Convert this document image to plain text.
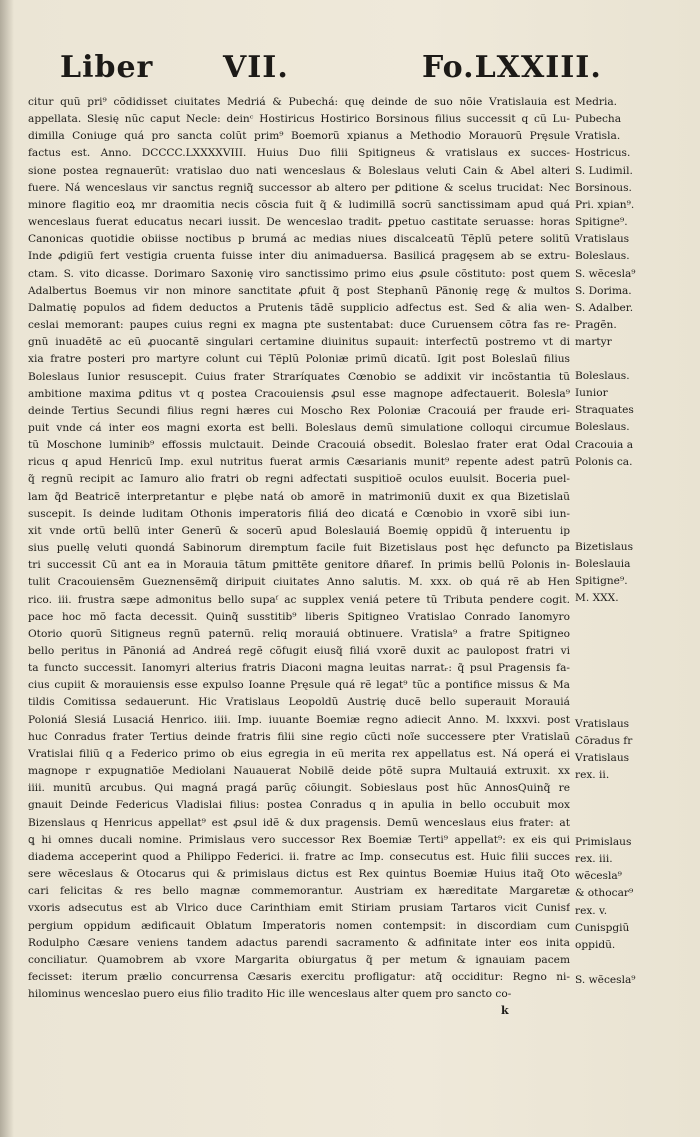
Liber VII.	Fo.LXXIII.
citur quũ pri⁹ cõdidisset ciuitates Medriá & Pubechá: quę deinde de suo nõie Vratislauia est
appellata. Slesię nũc caput Necle: deinᶜ Hostiricus Hostirico Borsinous filius successit q cũ Lu-
dimilla Coniuge quá pro sancta colũt prim⁹ Boemorũ xpianus a Methodio Morauorũ Pręsule
factus est. Anno. DCCCC.LXXXXVIII. Huius Duo filii Spitigneus & vratislaus ex succes-
sione postea regnauerũt: vratislao duo nati wenceslaus & Boleslaus veluti Cain & Abel alteri
fuere. Ná wenceslaus vir sanctus regniq̃ successor ab altero per ꝑditione & scelus trucidat: Nec
minore flagitio eoꝝ mr draomitia necis cõscia fuit q̃ & ludimillã socrũ sanctissimam apud quá
wenceslaus fuerat educatus necari iussit. De wenceslao traditᵣ ꝑpetuo castitate seruasse: horas
Canonicas quotidie obiisse noctibus p brumá ac medias niues discalceatũ Tẽplũ petere solitũ
Inde ꝓdigiũ fert vestigia cruenta fuisse inter diu animaduersa. Basilicá pragęsem ab se extru-
ctam. S. vito dicasse. Dorimaro Saxonię viro sanctissimo primo eius ꝓsule cõstituto: post quem
Adalbertus Boemus vir non minore sanctitate ꝓfuit q̃ post Stephanũ Pãnonię regę & multos
Dalmatię populos ad fidem deductos a Prutenis tãdẽ supplicio adfectus est. Sed & alia wen-
ceslai memorant: paupes cuius regni ex magna pte sustentabat: duce Curuensem cõtra fas re-
gnũ inuadẽtẽ ac eũ ꝓuocantẽ singulari certamine diuinitus supauit: interfectũ postremo vt di
xia fratre posteri pro martyre colunt cui Tẽplũ Poloniæ primũ dicatũ. Igit post Boleslaũ filius
Boleslaus Iunior resuscepit. Cuius frater Straríquates Cœnobio se addixit vir incõstantia tũ
ambitione maxima ꝑditus vt q postea Cracouiensis ꝓsul esse magnope adfectauerit. Bolesla⁹
deinde Tertius Secundi filius regni hæres cui Moscho Rex Poloniæ Cracouiá per fraude eri-
puit vnde cá inter eos magni exorta est belli. Boleslaus demũ simulatione colloqui circumue
tũ Moschone luminib⁹ effossis mulctauit. Deinde Cracouiá obsedit. Boleslao frater erat Odal
ricus q apud Henricũ Imp. exul nutritus fuerat armis Cæsarianis munit⁹ repente adest patrũ
q̃ regnũ recipit ac Iamuro alio fratri ob regni adfectati suspitioẽ oculos euulsit. Boceria puel-
lam q̃d Beatricẽ interpretantur e plębe natá ob amorẽ in matrimoniũ duxit ex qua Bizetislaũ
suscepit. Is deinde luditam Othonis imperatoris filiá deo dicatá e Cœnobio in vxorẽ sibi iun-
xit vnde ortũ bellũ inter Generũ & socerũ apud Boleslauiá Boemię oppidũ q̃ interuentu ip
sius puellę veluti quondá Sabinorum diremptum facile fuit Bizetislaus post hęc defuncto pa
tri successit Cũ ant ea in Morauia tãtum ꝑmittẽte genitore dñaref. In primis bellũ Polonis in-
tulit Cracouiensẽm Gueznensẽmq̃ diripuit ciuitates Anno salutis. M. xxx. ob quá rẽ ab Hen
rico. iii. frustra sæpe admonitus bello supaᶠ ac supplex veniá petere tũ Tributa pendere cogit.
pace hoc mõ facta decessit. Quinq̃ susstitib⁹ liberis Spitigneo Vratislao Conrado Ianomyro
Otorio quorũ Sitigneus regnũ paternũ. reliq morauiá obtinuere. Vratisla⁹ a fratre Spitigneo
bello peritus in Pãnoniá ad Andreá regẽ cõfugit eiusq̃ filiá vxorẽ duxit ac paulopost fratri vi
ta functo successit. Ianomyri alterius fratris Diaconi magna leuitas narratᵣ: q̃ psul Pragensis fa-
cius cupiit & morauiensis esse expulso Ioanne Pręsule quá rẽ legat⁹ tũc a pontifice missus & Ma
tildis Comitissa sedauerunt. Hic Vratislaus Leopoldũ Austrię ducẽ bello superauit Morauiá
Poloniá Slesiá Lusaciá Henrico. iiii. Imp. iuuante Boemiæ regno adiecit Anno. M. lxxxvi. post
huc Conradus frater Tertius deinde fratris filii sine regio cũcti noĩe successere pter Vratislaũ
Vratislai filiũ q a Federico primo ob eius egregia in eũ merita rex appellatus est. Ná operá ei
magnope r expugnatiõe Mediolani Nauauerat Nobilẽ deide põtẽ supra Multauiá extruxit. xx
iiii. munitũ arcubus. Qui magná pragá parũç cõiungit. Sobieslaus post hũc AnnosQuinq̃ re
gnauit Deinde Federicus Vladislai filius: postea Conradus q in apulia in bello occubuit mox
Bizenslaus q Henricus appellat⁹ est ꝓsul idẽ & dux pragensis. Demũ wenceslaus eius frater: at
ꝗ hi omnes ducali nomine. Primislaus vero successor Rex Boemiæ Terti⁹ appellat⁹: ex eis qui
diadema acceperint quod a Philippo Federici. ii. fratre ac Imp. consecutus est. Huic filii succes
sere wẽceslaus & Otocarus qui & primislaus dictus est Rex quintus Boemiæ Huius itaq̃ Oto
cari felicitas & res bello magnæ commemorantur. Austriam ex hæreditate Margaretæ
vxoris adsecutus est ab Vlrico duce Carinthiam emit Stiriam prusiam Tartaros vicit Cunisf
pergium oppidum ædificauit Oblatum Imperatoris nomen contempsit: in discordiam cum
Rodulpho Cæsare veniens tandem adactus parendi sacramento & adfinitate inter eos inita
conciliatur. Quamobrem ab vxore Margarita obiurgatus q̃ per metum & ignauiam pacem
fecisset: iterum prælio concurrensa Cæsaris exercitu profligatur: atq̃ occiditur: Regno ni-
hilominus wenceslao puero eius filio tradito Hic ille wenceslaus alter quem pro sancto co-
Medria.
Pubecha
Vratisla.
Hostricus.
S. Ludimil.
Borsinous.
Pri. xpian⁹.
Spitigne⁹.
Vratislaus
Boleslaus.
S. wẽcesla⁹
S. Dorima.
S. Adalber.
Pragẽn.
martyr
Boleslaus.
Iunior
Straquates
Boleslaus.
Cracouia a
Polonis ca.
Bizetislaus
Boleslauia
Spitigne⁹.
M. XXX.
Vratislaus
Cõradus fr
Vratislaus
rex. ii.
Primislaus
rex. iii.
wẽcesla⁹
& othocar⁹
rex. v.
Cunispgiũ
oppidũ.
S. wẽcesla⁹
k
